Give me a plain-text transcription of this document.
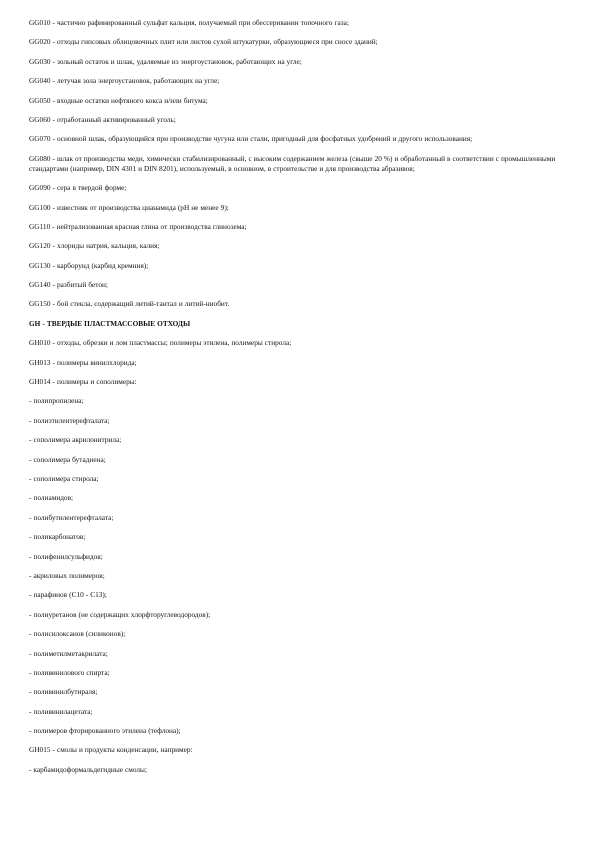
GG010 - частично рафинированный сульфат кальция, получаемый при обессеривании топочного газа;
GG020 - отходы гипсовых облицовочных плит или листов сухой штукатурки, образующиеся при сносе зданий;
GG030 - зольный остаток и шлак, удаляемые из энергоустановок, работающих на угле;
GG040 - летучая зола энергоустановок, работающих на угле;
GG050 - входные остатки нефтяного кокса и/или битума;
GG060 - отработанный активированный уголь;
GG070 - основной шлак, образующийся при производстве чугуна или стали, пригодный для фосфатных удобрений и другого использования;
GG080 - шлак от производства меди, химически стабилизированный, с высоким содержанием железа (свыше 20 %) и обработанный в соответствии с промышленными стандартами (например, DIN 4301 и DIN 8201), используемый, в основном, в строительстве и для производства абразивов;
GG090 - сера в твердой форме;
GG100 - известняк от производства цианамида (pH не менее 9);
GG110 - нейтрализованная красная глина от производства глинозема;
GG120 - хлориды натрия, кальция, калия;
GG130 - карборунд (карбид кремния);
GG140 - разбитый бетон;
GG150 - бой стекла, содержащий литий-тантал и литий-ниобит.
GH - ТВЕРДЫЕ ПЛАСТМАССОВЫЕ ОТХОДЫ
GH010 - отходы, обрезки и лом пластмассы; полимеры этилена, полимеры стирола;
GH013 - полимеры винилхлорида;
GH014 - полимеры и сополимеры:
- полипропилена;
- полиэтилентерефталата;
- сополимера акрилонитрила;
- сополимера бутадиена;
- сополимера стирола;
- полиамидов;
- полибутилентерефталата;
- поликарбонатов;
- полифенилсульфидов;
- акриловых полимеров;
- парафинов (С10 - С13);
- полиуретанов (не содержащих хлорфторуглеводородов);
- полисилоксанов (силиконов);
- полиметилметакрилата;
- поливинилового спирта;
- поливинилбутираля;
- поливинилацетата;
- полимеров фторированного этилена (тефлона);
GH015 - смолы и продукты конденсации, например:
- карбамидоформальдегидные смолы;
